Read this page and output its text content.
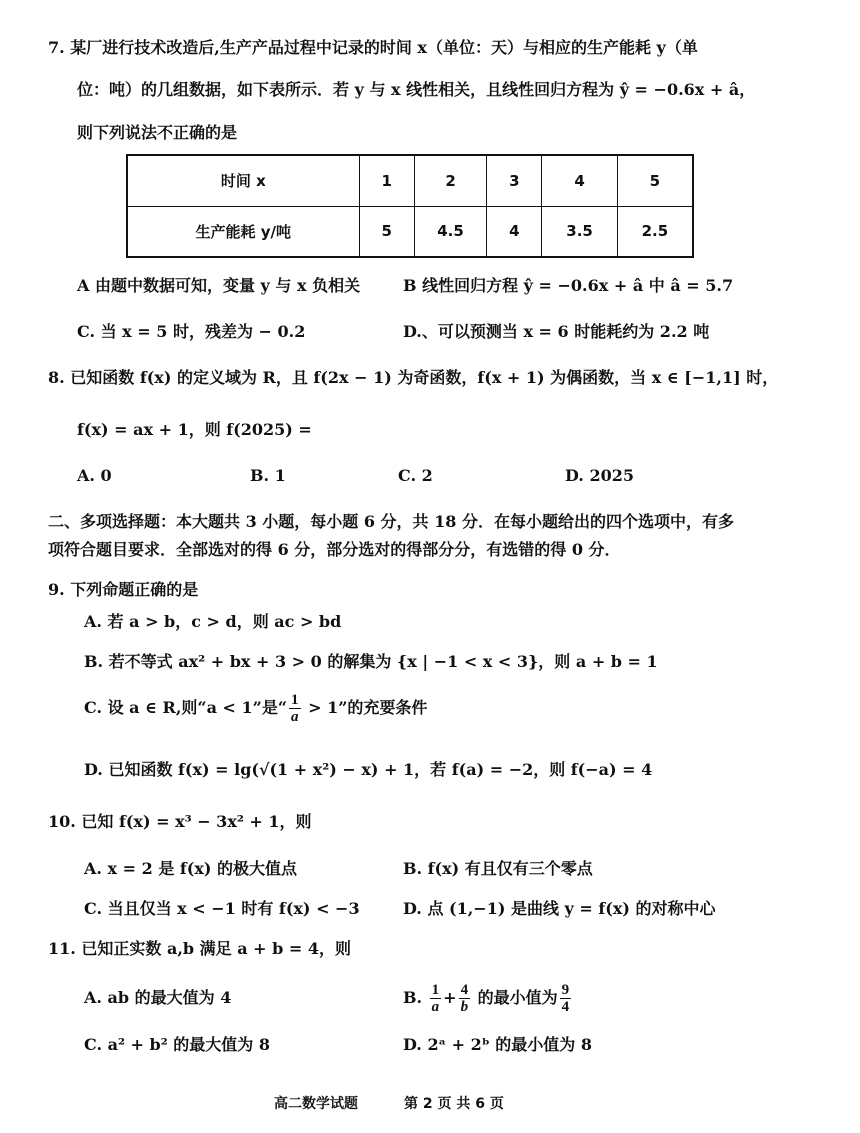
7. 某厂进行技术改造后,生产产品过程中记录的时间 x（单位：天）与相应的生产能耗 y（单
位：吨）的几组数据，如下表所示．若 y 与 x 线性相关，且线性回归方程为 ŷ = −0.6x + â，
则下列说法不正确的是
时间 x	1	2	3	4	5
生产能耗 y/吨	5	4.5	4	3.5	2.5
A 由题中数据可知，变量 y 与 x 负相关	B 线性回归方程 ŷ = −0.6x + â 中 â = 5.7
C. 当 x = 5 时，残差为 − 0.2	D.、可以预测当 x = 6 时能耗约为 2.2 吨
8. 已知函数 f(x) 的定义域为 R，且 f(2x − 1) 为奇函数，f(x + 1) 为偶函数，当 x ∈ [−1,1] 时，
f(x) = ax + 1，则 f(2025) =
A. 0	B. 1	C. 2	D. 2025
二、多项选择题：本大题共 3 小题，每小题 6 分，共 18 分．在每小题给出的四个选项中，有多
项符合题目要求．全部选对的得 6 分，部分选对的得部分分，有选错的得 0 分．
9. 下列命题正确的是
A. 若 a > b，c > d，则 ac > bd
B. 若不等式 ax² + bx + 3 > 0 的解集为 {x | −1 < x < 3}，则 a + b = 1
C. 设 a ∈ R,则“a < 1”是“ $\frac{1}{a} > 1$”的充要条件
D. 已知函数 f(x) = lg(√(1 + x²) − x) + 1，若 f(a) = −2，则 f(−a) = 4
10. 已知 f(x) = x³ − 3x² + 1，则
A. x = 2 是 f(x) 的极大值点	B. f(x) 有且仅有三个零点
C. 当且仅当 x < −1 时有 f(x) < −3	D. 点 (1,−1) 是曲线 y = f(x) 的对称中心
11. 已知正实数 a,b 满足 a + b = 4，则
A. ab 的最大值为 4	B. $\frac{1}{a} + \frac{4}{b}$ 的最小值为 $\frac{9}{4}$
C. a² + b² 的最大值为 8	D. 2ᵃ + 2ᵇ 的最小值为 8
高二数学试题	第 2 页 共 6 页
